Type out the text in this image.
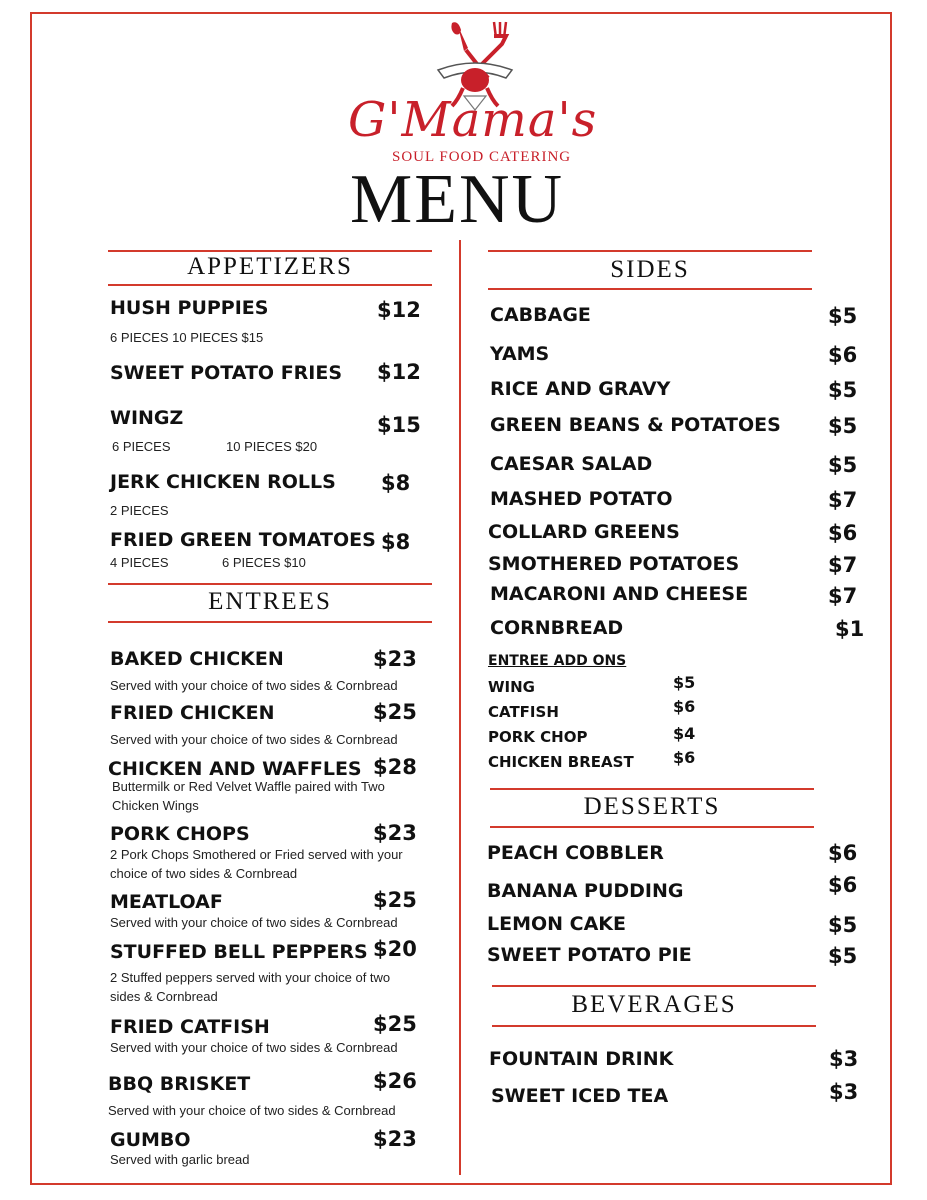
G'Mama's
SOUL FOOD CATERING
MENU
APPETIZERS
HUSH PUPPIES	$12
6 PIECES 10 PIECES $15
SWEET POTATO FRIES $12
WINGZ	$15
6 PIECES	10 PIECES $20
JERK CHICKEN ROLLS $8
2 PIECES
FRIED GREEN TOMATOES $8
4 PIECES	6 PIECES $10
ENTREES
BAKED CHICKEN	$23
Served with your choice of two sides & Cornbread
FRIED CHICKEN	$25
Served with your choice of two sides & Cornbread
CHICKEN AND WAFFLES $28
Buttermilk or Red Velvet Waffle paired with Two
Chicken Wings
PORK CHOPS	$23
2 Pork Chops Smothered or Fried served with your
choice of two sides & Cornbread
MEATLOAF	$25
Served with your choice of two sides & Cornbread
STUFFED BELL PEPPERS $20
2 Stuffed peppers served with your choice of two
sides & Cornbread
FRIED CATFISH	$25
Served with your choice of two sides & Cornbread
BBQ BRISKET	$26
Served with your choice of two sides & Cornbread
GUMBO	$23
Served with garlic bread
SIDES
CABBAGE	$5
YAMS	$6
RICE AND GRAVY	$5
GREEN BEANS & POTATOES $5
CAESAR SALAD	$5
MASHED POTATO	$7
COLLARD GREENS	$6
SMOTHERED POTATOES	$7
MACARONI AND CHEESE	$7
CORNBREAD	$1
ENTREE ADD ONS
WING	$5
CATFISH	$6
PORK CHOP	$4
CHICKEN BREAST $6
DESSERTS
PEACH COBBLER	$6
BANANA PUDDING	$6
LEMON CAKE	$5
SWEET POTATO PIE	$5
BEVERAGES
FOUNTAIN DRINK	$3
SWEET ICED TEA	$3
